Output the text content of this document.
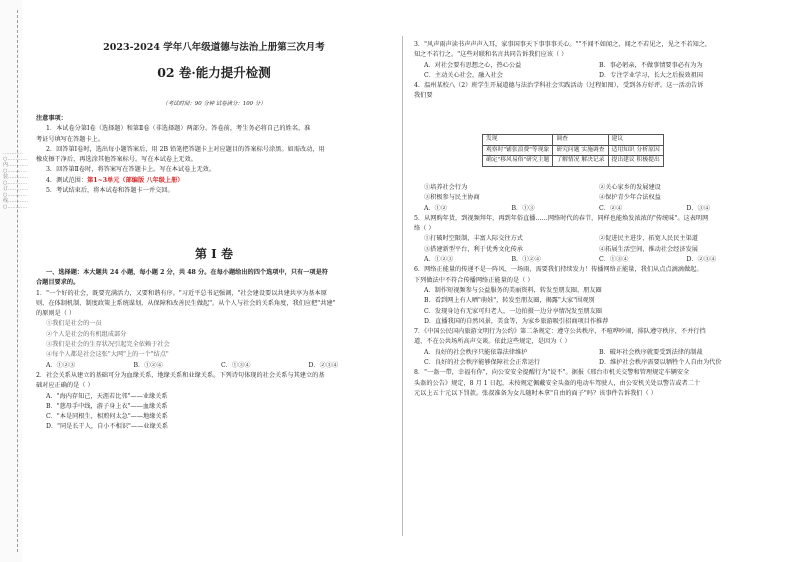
…………○…………内…………○…………装…………○…………订…………○…………线…………○…………
2023-2024 学年八年级道德与法治上册第三次月考
02 卷·能力提升检测
（考试时间：90 分钟 试卷满分：100 分）
注意事项：
1．本试卷分第Ⅰ卷（选择题）和第Ⅱ卷（非选择题）两部分。答卷前，考生务必将自己的姓名、准
考证号填写在答题卡上。
2．回答第Ⅰ卷时，选出每小题答案后，用 2B 铅笔把答题卡上对应题目的答案标号涂黑。如需改动，用
橡皮擦干净后，再选涂其他答案标号。写在本试卷上无效。
3．回答第Ⅱ卷时，将答案写在答题卡上。写在本试卷上无效。
4．测试范围：第1~3单元（部编版 八年级上册）
5．考试结束后，将本试卷和答题卡一并交回。
第 Ⅰ 卷
一、选择题：本大题共 24 小题，每小题 2 分，共 48 分。在每小题给出的四个选项中，只有一项是符
合题目要求的。
1．"一个好的社会，既要充满活力，又要和谐有序。"习近平总书记强调，"社会建设要以共建共享为基本原
则，在体制机制、制度政策上系统谋划，从保障和改善民生做起"。从个人与社会的关系角度，我们应把"共建"
的原则是（ ）
①我们是社会的一员
②个人是社会的有机组成部分
③我们是社会的生存状况引起完全依赖于社会
④每个人都是社会这张"大网"上的一个"结点"
A．①②③	B．①②④	C．①③④	D．②③④
2．社会关系从建立的基础可分为血缘关系、地缘关系和业缘关系。下列诗句体现的社会关系与其建立的基
础对应正确的是（ ）
A．"海内存知己，天涯若比邻"——业缘关系
B．"慈母手中线，游子身上衣"——血缘关系
C．"本是同根生，相煎何太急"——地缘关系
D．"同是长干人，自小不相识"——业缘关系
3．"风声雨声读书声声声入耳，家事国事天下事事事关心。""不闻不如闻之，闻之不若见之，见之不若知之，
知之不若行之。"这些对联和名言共同告诉我们应该（ ）
A．对社会要有思想之心，热心公益	B．事必躬亲，不做事情要事必有为为
C．主动关心社会，融入社会	D．专注学业学习，长大之后报效祖国
4．温州某校八（2）班学生开展道德与法治学科社会实践活动（过程如图），受到各方好评。这一活动告诉
我们要
发现	调查	建议
观察时"铺张浪费"等现象	研究问题 实施调查	适用知识 分析原因
确定"移风易俗"研究主题	了解情况 解决记录	提出建议 积极提出
①培养社会行为	②关心家乡的发展建设
③积极参与民主协商	④保护青少年合法权益
A．①②	B．①③	C．②④	D．③④
5．从网购年货，到视频拜年，再到年俗直播……网络时代的春节，同样也能焕发浓浓的"传统味"。这表明网
络（ ）
①打破时空限制，丰富人际交往方式	②促进民主进步，拓宽人民民主渠道
③搭建新型平台，利于优秀文化传承	④拓展生活空间，推动社会经济发展
A．①②③	B．①②④	C．①③④	D．②③④
6．网络正能量的传递不是一阵风、一场雨，需要我们持续发力！传播网络正能量，我们从点点滴滴做起。
下列做法中不符合传播网络正能量的是（ ）
A．制作短视频参与公益服务的美丽资料，转发至朋友圈、朋友圈
B．看到网上有人晒"萌娃"，转发至朋友圈，揭露"大家"围观别
C．发现身边有无家可归老人，一边拍摄一边分享情况发至朋友圈
D．直播我国的自然风景，美食等，为家乡旅游吸引招商项目作推荐
7．《中国公民国内旅游文明行为公约》第二条规定：遵守公共秩序，不喧哗吵闹，排队遵守秩序，不并行挡
道，不在公共场所高声交谈。依此这些规定，是因为（ ）
A．良好的社会秩序只能依靠法律维护	B．破坏社会秩序就要受到法律的制裁
C．良好的社会秩序能够保障社会正常运行	D．维护社会秩序需要以牺牲个人自由为代价
8．"一盔一带，幸福有你"，向公安安全提醒行为"说不"。据报《邢台市机关交警和管理规定车辆安全
头盔的公告》规定，8 月 1 日起，未按规定佩戴安全头盔的电动车驾驶人，由公安机关处以警告或者二十
元以上五十元以下罚款。张叔准备为女儿随时本拿"自由的面子"吗？该事件告诉我们（ ）
